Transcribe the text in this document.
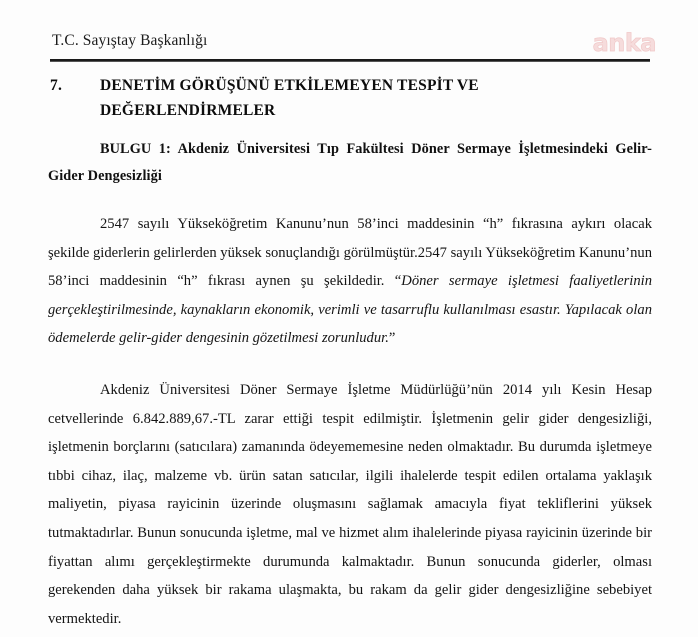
T.C. Sayıştay Başkanlığı	anka
7. DENETİM GÖRÜŞÜNÜ ETKİLEMEYEN TESPİT VE DEĞERLENDİRMELER

BULGU 1: Akdeniz Üniversitesi Tıp Fakültesi Döner Sermaye İşletmesindeki Gelir-Gider Dengesizliği

2547 sayılı Yükseköğretim Kanunu’nun 58’inci maddesinin “h” fıkrasına aykırı olacak şekilde giderlerin gelirlerden yüksek sonuçlandığı görülmüştür.2547 sayılı Yükseköğretim Kanunu’nun 58’inci maddesinin “h” fıkrası aynen şu şekildedir. “Döner sermaye işletmesi faaliyetlerinin gerçekleştirilmesinde, kaynakların ekonomik, verimli ve tasarruflu kullanılması esastır. Yapılacak olan ödemelerde gelir-gider dengesinin gözetilmesi zorunludur.”

Akdeniz Üniversitesi Döner Sermaye İşletme Müdürlüğü’nün 2014 yılı Kesin Hesap cetvellerinde 6.842.889,67.-TL zarar ettiği tespit edilmiştir. İşletmenin gelir gider dengesizliği, işletmenin borçlarını (satıcılara) zamanında ödeyememesine neden olmaktadır. Bu durumda işletmeye tıbbi cihaz, ilaç, malzeme vb. ürün satan satıcılar, ilgili ihalelerde tespit edilen ortalama yaklaşık maliyetin, piyasa rayicinin üzerinde oluşmasını sağlamak amacıyla fiyat tekliflerini yüksek tutmaktadırlar. Bunun sonucunda işletme, mal ve hizmet alım ihalelerinde piyasa rayicinin üzerinde bir fiyattan alımı gerçekleştirmekte durumunda kalmaktadır. Bunun sonucunda giderler, olması gerekenden daha yüksek bir rakama ulaşmakta, bu rakam da gelir gider dengesizliğine sebebiyet vermektedir.
